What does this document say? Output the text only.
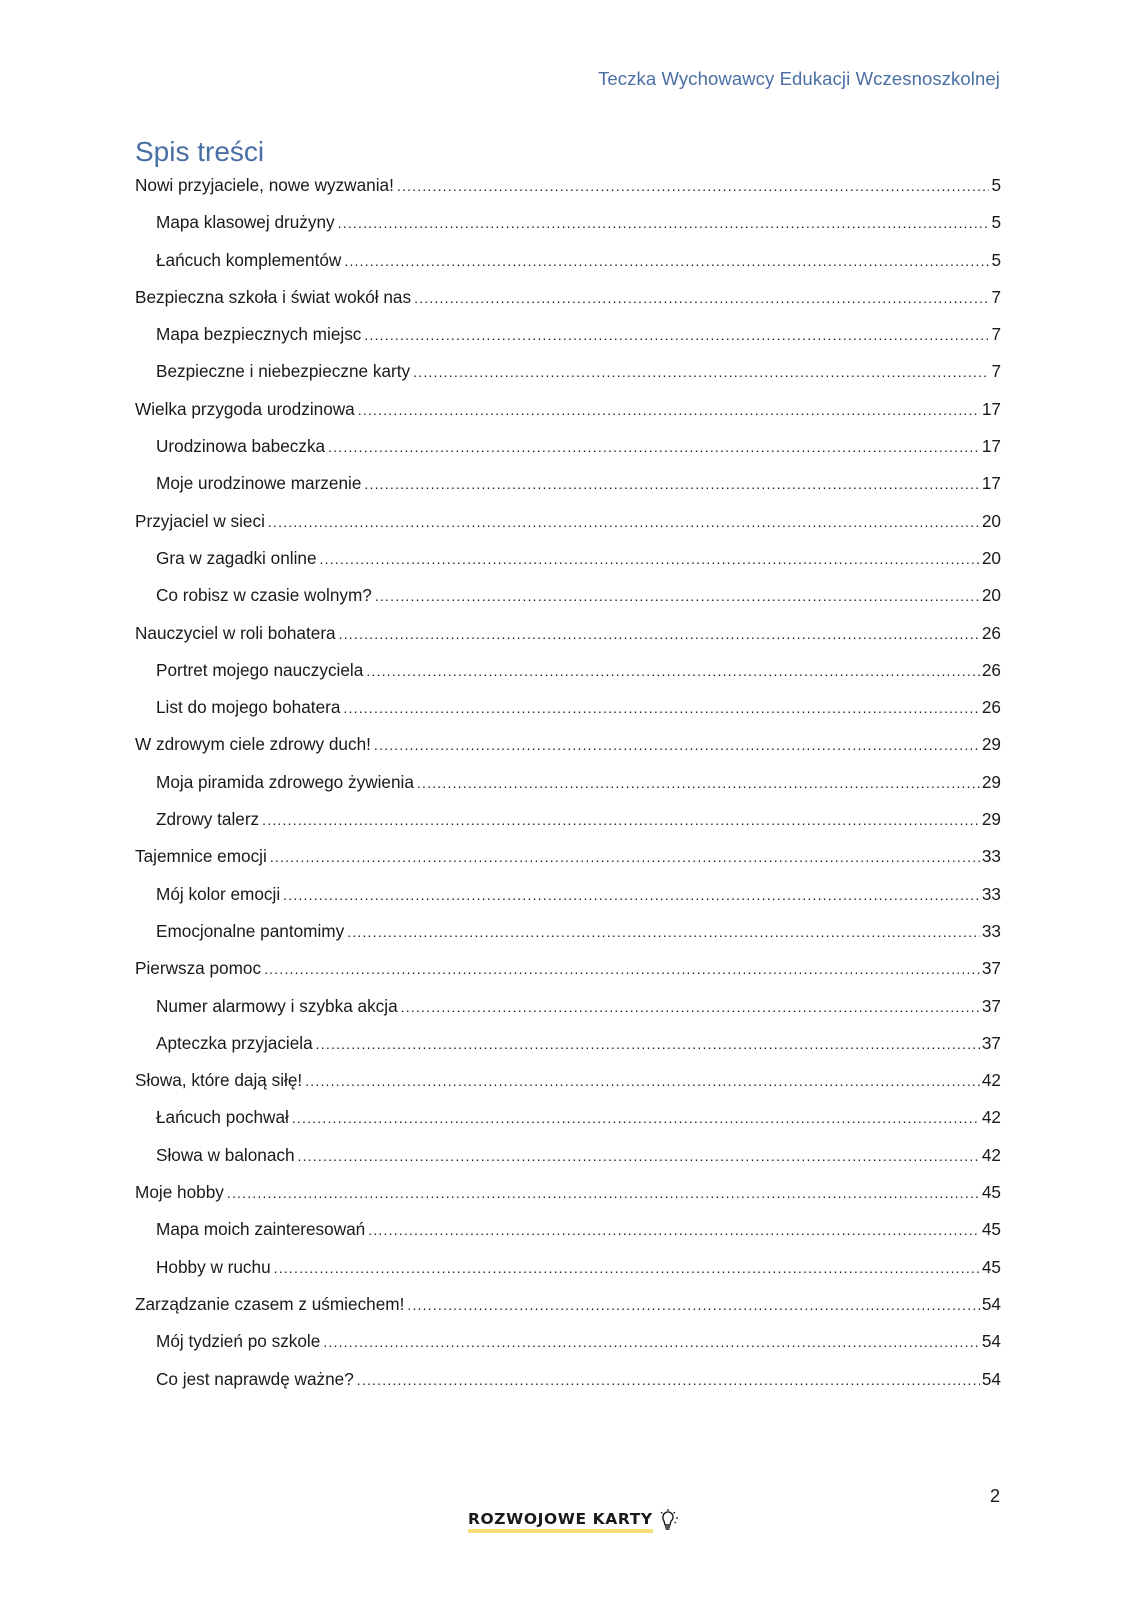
Teczka Wychowawcy Edukacji Wczesnoszkolnej
Spis treści
Nowi przyjaciele, nowe wyzwania! .....	5
Mapa klasowej drużyny .....	5
Łańcuch komplementów .....	5
Bezpieczna szkoła i świat wokół nas .....	7
Mapa bezpiecznych miejsc .....	7
Bezpieczne i niebezpieczne karty .....	7
Wielka przygoda urodzinowa .....	17
Urodzinowa babeczka .....	17
Moje urodzinowe marzenie .....	17
Przyjaciel w sieci .....	20
Gra w zagadki online .....	20
Co robisz w czasie wolnym? .....	20
Nauczyciel w roli bohatera .....	26
Portret mojego nauczyciela .....	26
List do mojego bohatera .....	26
W zdrowym ciele zdrowy duch! .....	29
Moja piramida zdrowego żywienia .....	29
Zdrowy talerz .....	29
Tajemnice emocji .....	33
Mój kolor emocji .....	33
Emocjonalne pantomimy .....	33
Pierwsza pomoc .....	37
Numer alarmowy i szybka akcja .....	37
Apteczka przyjaciela .....	37
Słowa, które dają siłę! .....	42
Łańcuch pochwał .....	42
Słowa w balonach .....	42
Moje hobby .....	45
Mapa moich zainteresowań .....	45
Hobby w ruchu .....	45
Zarządzanie czasem z uśmiechem! .....	54
Mój tydzień po szkole .....	54
Co jest naprawdę ważne? .....	54
2
ROZWOJOWE KARTY
